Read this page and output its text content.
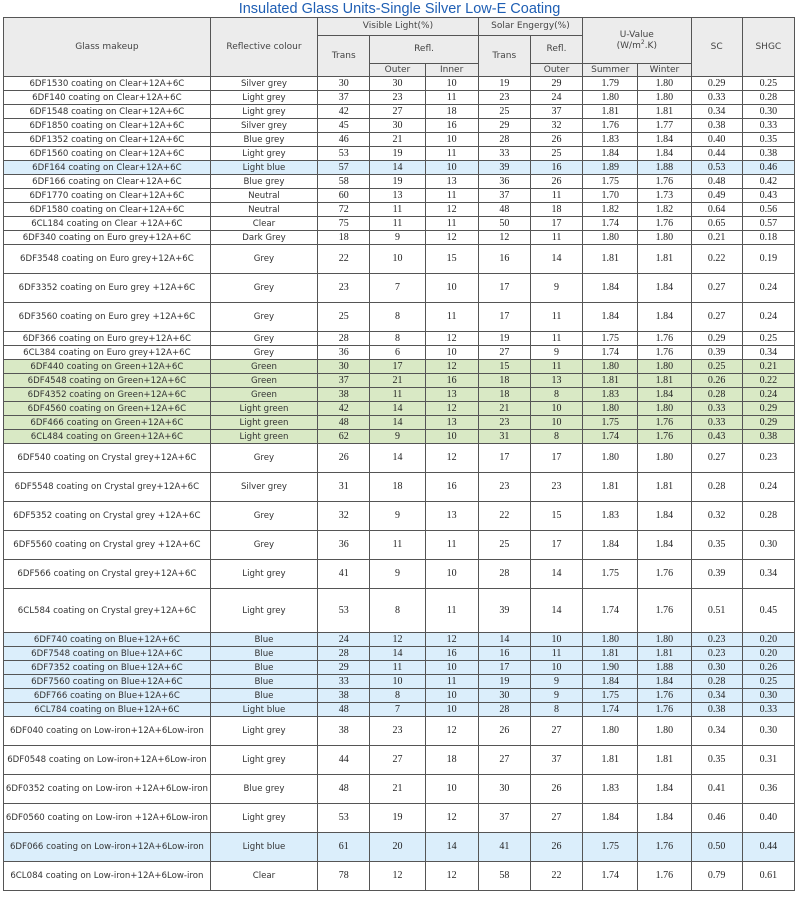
Insulated Glass Units-Single Silver Low-E Coating
Glass makeup	Reflective colour	Visible Light(%)			Solar Engergy(%)		U-Value
$(W/m^2.K)$		SC	SHGC
		Trans	Refl.		Trans	Refl.				
			Outer	Inner		Outer	Summer	Winter		
6DF1530 coating on Clear+12A+6C	Silver grey	30	30	10	19	29	1.79	1.80	0.29	0.25
6DF140 coating on Clear+12A+6C	Light grey	37	23	11	23	24	1.80	1.80	0.33	0.28
6DF1548 coating on Clear+12A+6C	Light grey	42	27	18	25	37	1.81	1.81	0.34	0.30
6DF1850 coating on Clear+12A+6C	Silver grey	45	30	16	29	32	1.76	1.77	0.38	0.33
6DF1352 coating on Clear+12A+6C	Blue grey	46	21	10	28	26	1.83	1.84	0.40	0.35
6DF1560 coating on Clear+12A+6C	Light grey	53	19	11	33	25	1.84	1.84	0.44	0.38
6DF164 coating on Clear+12A+6C	Light blue	57	14	10	39	16	1.89	1.88	0.53	0.46
6DF166 coating on Clear+12A+6C	Blue grey	58	19	13	36	26	1.75	1.76	0.48	0.42
6DF1770 coating on Clear+12A+6C	Neutral	60	13	11	37	11	1.70	1.73	0.49	0.43
6DF1580 coating on Clear+12A+6C	Neutral	72	11	12	48	18	1.82	1.82	0.64	0.56
6CL184 coating on Clear +12A+6C	Clear	75	11	11	50	17	1.74	1.76	0.65	0.57
6DF340 coating on Euro grey+12A+6C	Dark Grey	18	9	12	12	11	1.80	1.80	0.21	0.18
6DF3548 coating on Euro grey+12A+6C	Grey	22	10	15	16	14	1.81	1.81	0.22	0.19
6DF3352 coating on Euro grey +12A+6C	Grey	23	7	10	17	9	1.84	1.84	0.27	0.24
6DF3560 coating on Euro grey +12A+6C	Grey	25	8	11	17	11	1.84	1.84	0.27	0.24
6DF366 coating on Euro grey+12A+6C	Grey	28	8	12	19	11	1.75	1.76	0.29	0.25
6CL384 coating on Euro grey+12A+6C	Grey	36	6	10	27	9	1.74	1.76	0.39	0.34
6DF440 coating on Green+12A+6C	Green	30	17	12	15	11	1.80	1.80	0.25	0.21
6DF4548 coating on Green+12A+6C	Green	37	21	16	18	13	1.81	1.81	0.26	0.22
6DF4352 coating on Green+12A+6C	Green	38	11	13	18	8	1.83	1.84	0.28	0.24
6DF4560 coating on Green+12A+6C	Light green	42	14	12	21	10	1.80	1.80	0.33	0.29
6DF466 coating on Green+12A+6C	Light green	48	14	13	23	10	1.75	1.76	0.33	0.29
6CL484 coating on Green+12A+6C	Light green	62	9	10	31	8	1.74	1.76	0.43	0.38
6DF540 coating on Crystal grey+12A+6C	Grey	26	14	12	17	17	1.80	1.80	0.27	0.23
6DF5548 coating on Crystal grey+12A+6C	Silver grey	31	18	16	23	23	1.81	1.81	0.28	0.24
6DF5352 coating on Crystal grey +12A+6C	Grey	32	9	13	22	15	1.83	1.84	0.32	0.28
6DF5560 coating on Crystal grey +12A+6C	Grey	36	11	11	25	17	1.84	1.84	0.35	0.30
6DF566 coating on Crystal grey+12A+6C	Light grey	41	9	10	28	14	1.75	1.76	0.39	0.34
6CL584 coating on Crystal grey+12A+6C	Light grey	53	8	11	39	14	1.74	1.76	0.51	0.45
6DF740 coating on Blue+12A+6C	Blue	24	12	12	14	10	1.80	1.80	0.23	0.20
6DF7548 coating on Blue+12A+6C	Blue	28	14	16	16	11	1.81	1.81	0.23	0.20
6DF7352 coating on Blue+12A+6C	Blue	29	11	10	17	10	1.90	1.88	0.30	0.26
6DF7560 coating on Blue+12A+6C	Blue	33	10	11	19	9	1.84	1.84	0.28	0.25
6DF766 coating on Blue+12A+6C	Blue	38	8	10	30	9	1.75	1.76	0.34	0.30
6CL784 coating on Blue+12A+6C	Light blue	48	7	10	28	8	1.74	1.76	0.38	0.33
6DF040 coating on Low-iron+12A+6Low-iron	Light grey	38	23	12	26	27	1.80	1.80	0.34	0.30
6DF0548 coating on Low-iron+12A+6Low-iron	Light grey	44	27	18	27	37	1.81	1.81	0.35	0.31
6DF0352 coating on Low-iron +12A+6Low-iron	Blue grey	48	21	10	30	26	1.83	1.84	0.41	0.36
6DF0560 coating on Low-iron +12A+6Low-iron	Light grey	53	19	12	37	27	1.84	1.84	0.46	0.40
6DF066 coating on Low-iron+12A+6Low-iron	Light blue	61	20	14	41	26	1.75	1.76	0.50	0.44
6CL084 coating on Low-iron+12A+6Low-iron	Clear	78	12	12	58	22	1.74	1.76	0.79	0.61
